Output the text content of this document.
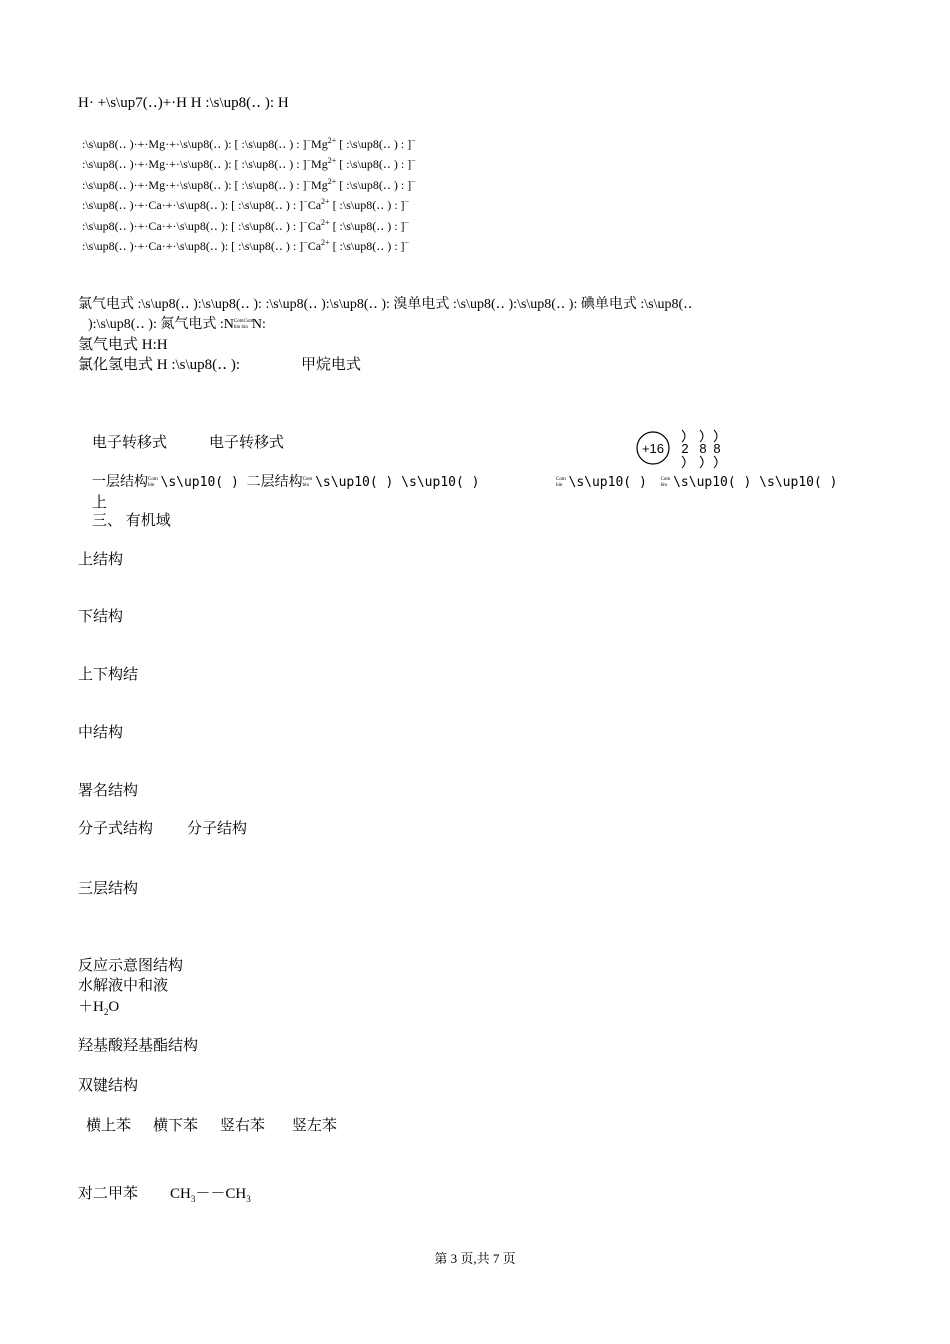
H· +\s\up7(‥)+·H H :\s\up8(‥ ): H
:\s\up8(‥ )·+·Mg·+·\s\up8(‥ ): [ :\s\up8(‥ ) : ]$^-Mg^{2+}$ [ :\s\up8(‥ ) : ]−
:\s\up8(‥ )·+·Mg·+·\s\up8(‥ ): [ :\s\up8(‥ ) : ]$^-Mg^{2+}$ [ :\s\up8(‥ ) : ]−
:\s\up8(‥ )·+·Mg·+·\s\up8(‥ ): [ :\s\up8(‥ ) : ]$^-Mg^{2+}$ [ :\s\up8(‥ ) : ]−
:\s\up8(‥ )·+·Ca·+·\s\up8(‥ ): [ :\s\up8(‥ ) : ]$^-Ca^{2+}$ [ :\s\up8(‥ ) : ]−
:\s\up8(‥ )·+·Ca·+·\s\up8(‥ ): [ :\s\up8(‥ ) : ]$^-Ca^{2+}$ [ :\s\up8(‥ ) : ]−
:\s\up8(‥ )·+·Ca·+·\s\up8(‥ ): [ :\s\up8(‥ ) : ]$^-Ca^{2+}$ [ :\s\up8(‥ ) : ]−
氯气电式 :\s\up8(‥ ):\s\up8(‥ ): :\s\up8(‥ ):\s\up8(‥ ): 溴单电式 :\s\up8(‥ ):\s\up8(‥ ): 碘单电式 :\s\up8(‥
):\s\up8(‥ ): 氮气电式 :NComCom bin bin N:
氢气电式 H:H
氯化氢电式 H :\s\up8(‥ ):	甲烷电式
电子转移式	电子转移式	+16 2 8 8
一层结构Com bin \s\up10( ) 二层结构Com bin \s\up10( ) \s\up10( )	Com bin \s\up10( ) Com bin \s\up10( ) \s\up10( )
上
三、 有机域
上结构
下结构
上下构结
中结构
署名结构
分子式结构 分子结构
三层结构
反应示意图结构
水解液中和液
$+H_2O$
羟基酸羟基酯结构
双键结构
横上苯 横下苯 竖右苯 竖左苯
对二甲苯 $CH_3--CH_3$
第 3 页,共 7 页
